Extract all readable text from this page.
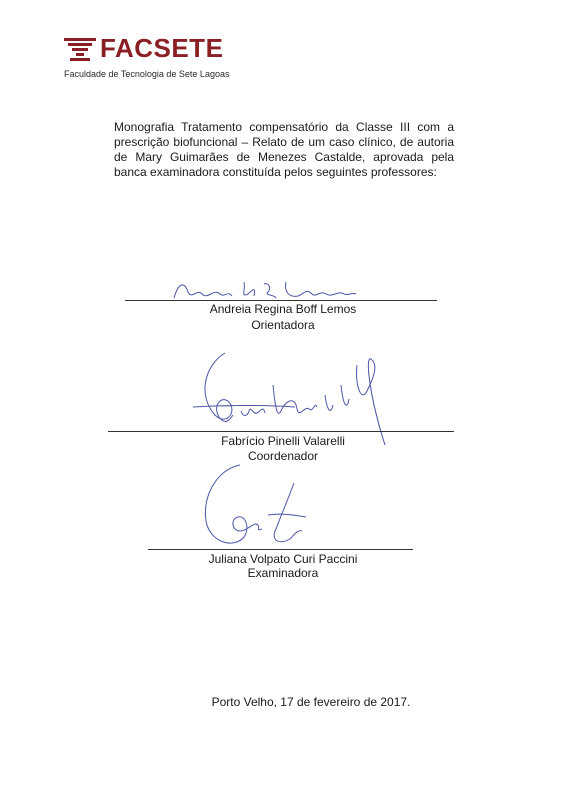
FACSETE
Faculdade de Tecnologia de Sete Lagoas
Monografia Tratamento compensatório da Classe III com a prescrição biofuncional – Relato de um caso clínico, de autoria de Mary Guimarães de Menezes Castalde, aprovada pela banca examinadora constituída pelos seguintes professores:
Andreia Regina Boff Lemos
Orientadora
Fabrício Pinelli Valarelli
Coordenador
Juliana Volpato Curi Paccini
Examinadora
Porto Velho, 17 de fevereiro de 2017.
